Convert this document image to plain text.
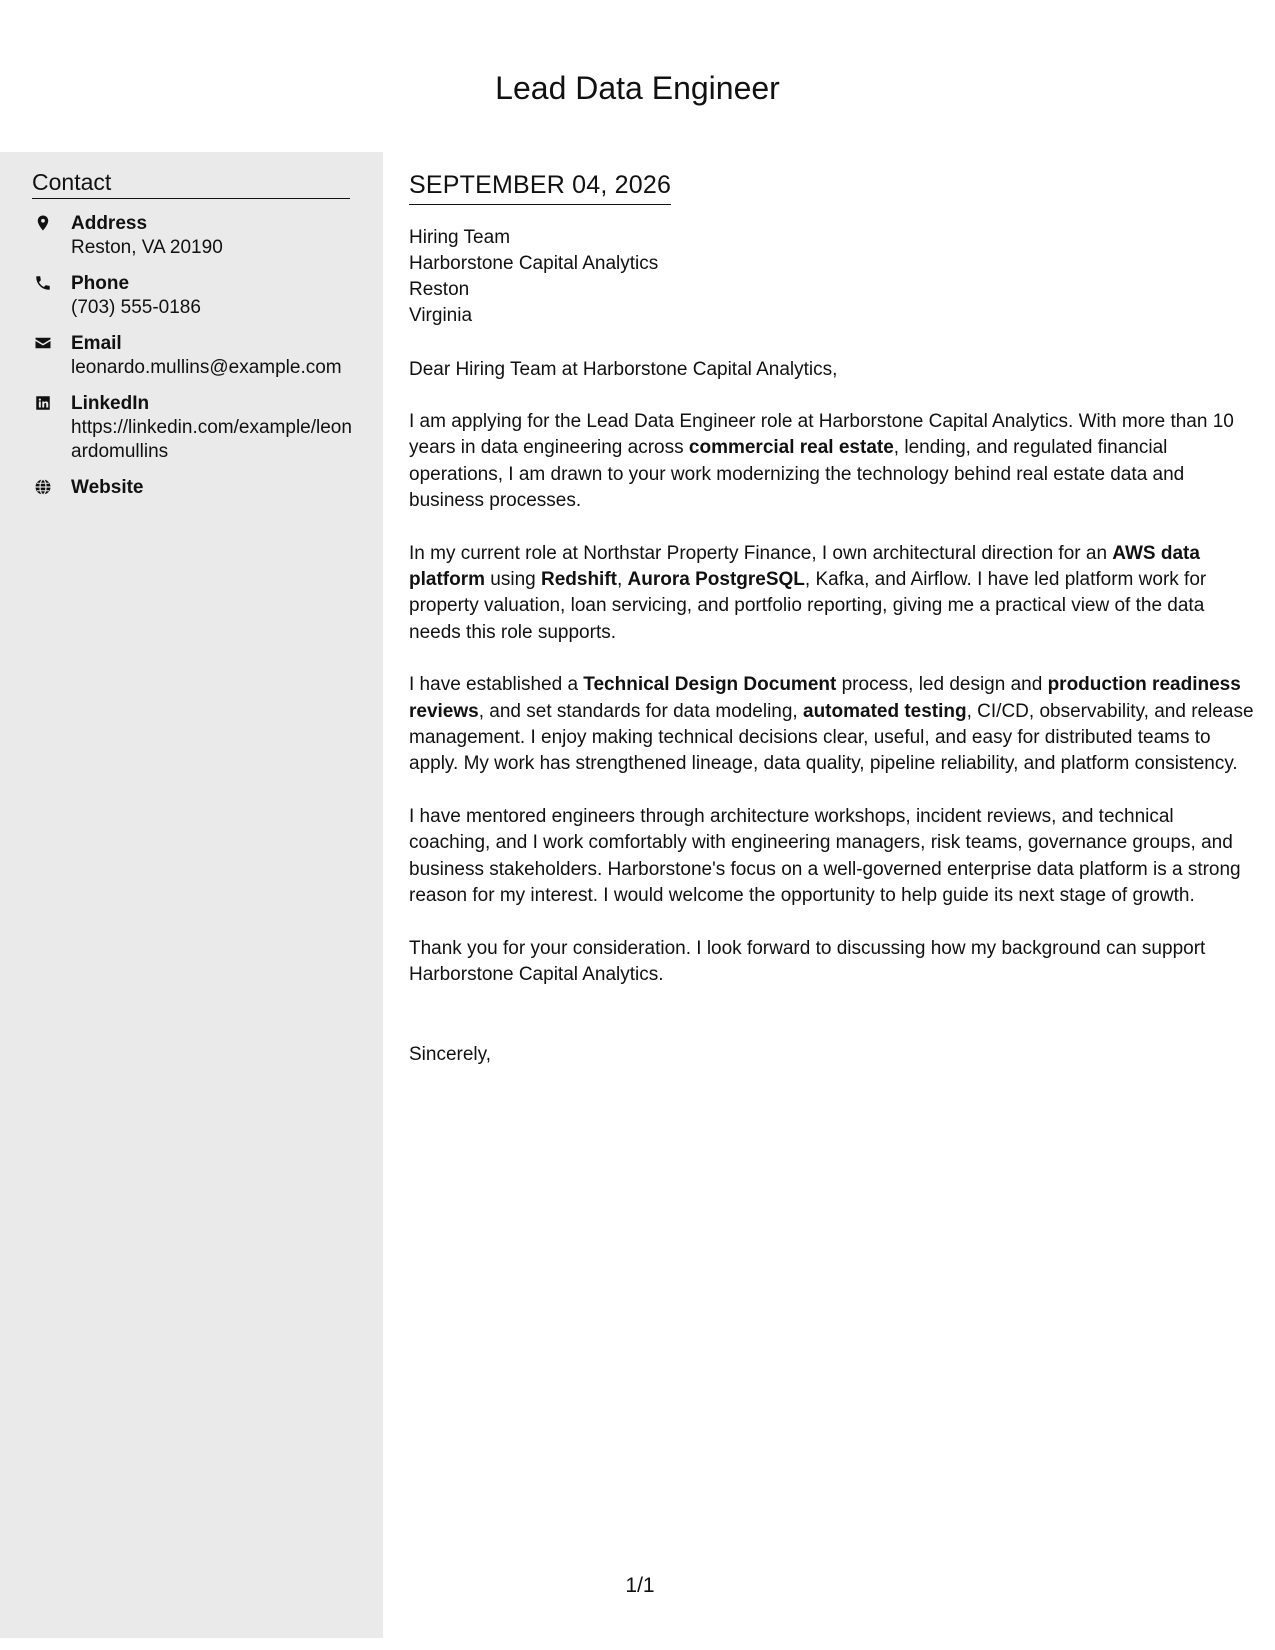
Lead Data Engineer
Contact
Address
Reston, VA 20190
Phone
(703) 555-0186
Email
leonardo.mullins@example.com
LinkedIn
https://linkedin.com/example/leonardomullins
Website
SEPTEMBER 04, 2026
Hiring Team
Harborstone Capital Analytics
Reston
Virginia
Dear Hiring Team at Harborstone Capital Analytics,
I am applying for the Lead Data Engineer role at Harborstone Capital Analytics. With more than 10 years in data engineering across commercial real estate, lending, and regulated financial operations, I am drawn to your work modernizing the technology behind real estate data and business processes.
In my current role at Northstar Property Finance, I own architectural direction for an AWS data platform using Redshift, Aurora PostgreSQL, Kafka, and Airflow. I have led platform work for property valuation, loan servicing, and portfolio reporting, giving me a practical view of the data needs this role supports.
I have established a Technical Design Document process, led design and production readiness reviews, and set standards for data modeling, automated testing, CI/CD, observability, and release management. I enjoy making technical decisions clear, useful, and easy for distributed teams to apply. My work has strengthened lineage, data quality, pipeline reliability, and platform consistency.
I have mentored engineers through architecture workshops, incident reviews, and technical coaching, and I work comfortably with engineering managers, risk teams, governance groups, and business stakeholders. Harborstone's focus on a well-governed enterprise data platform is a strong reason for my interest. I would welcome the opportunity to help guide its next stage of growth.
Thank you for your consideration. I look forward to discussing how my background can support Harborstone Capital Analytics.
Sincerely,
1/1
